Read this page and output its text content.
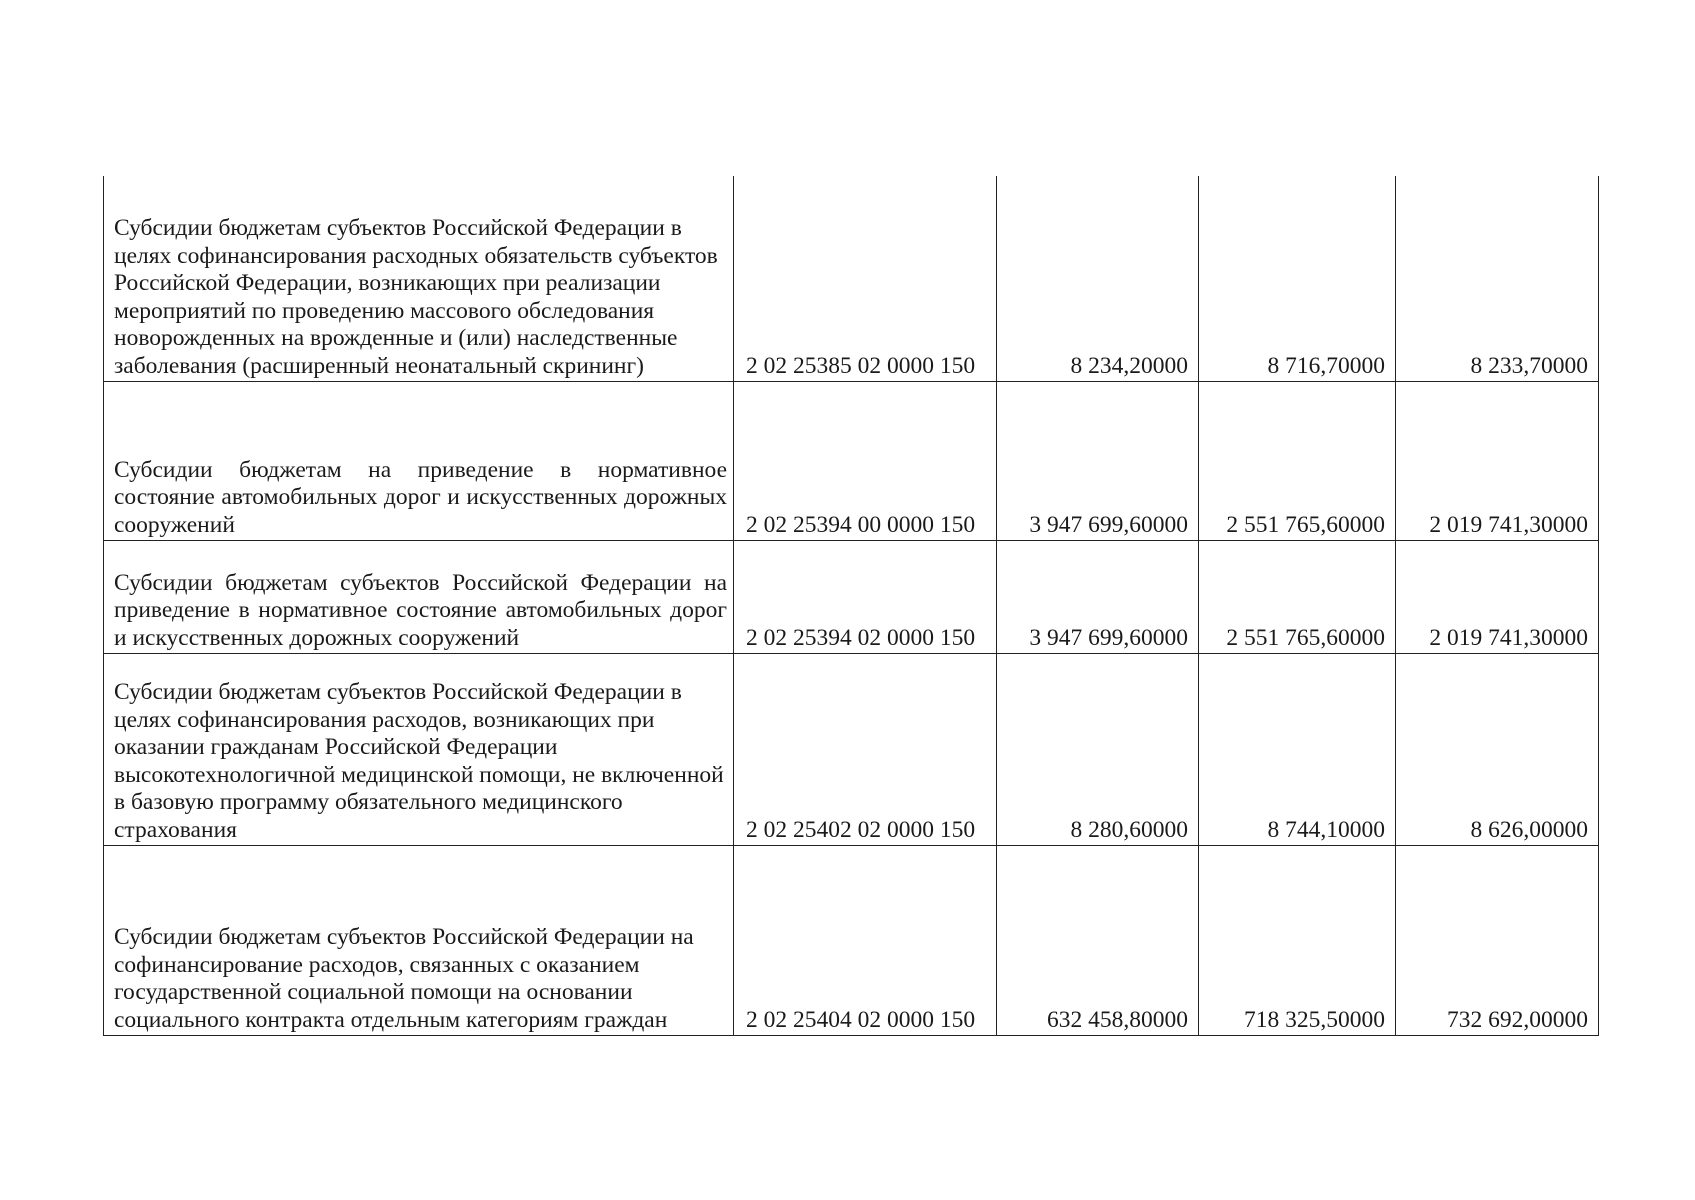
Субсидии бюджетам субъектов Российской Федерации в целях софинансирования расходных обязательств субъектов Российской Федерации, возникающих при реализации мероприятий по проведению массового обследования новорожденных на врожденные и (или) наследственные заболевания (расширенный неонатальный скрининг)	2 02 25385 02 0000 150	8 234,20000	8 716,70000	8 233,70000
Субсидии бюджетам на приведение в нормативное состояние автомобильных дорог и искусственных дорожных сооружений	2 02 25394 00 0000 150	3 947 699,60000	2 551 765,60000	2 019 741,30000
Субсидии бюджетам субъектов Российской Федерации на приведение в нормативное состояние автомобильных дорог и искусственных дорожных сооружений	2 02 25394 02 0000 150	3 947 699,60000	2 551 765,60000	2 019 741,30000
Субсидии бюджетам субъектов Российской Федерации в целях софинансирования расходов, возникающих при оказании гражданам Российской Федерации высокотехнологичной медицинской помощи, не включенной в базовую программу обязательного медицинского страхования	2 02 25402 02 0000 150	8 280,60000	8 744,10000	8 626,00000
Субсидии бюджетам субъектов Российской Федерации на софинансирование расходов, связанных с оказанием государственной социальной помощи на основании социального контракта отдельным категориям граждан	2 02 25404 02 0000 150	632 458,80000	718 325,50000	732 692,00000
